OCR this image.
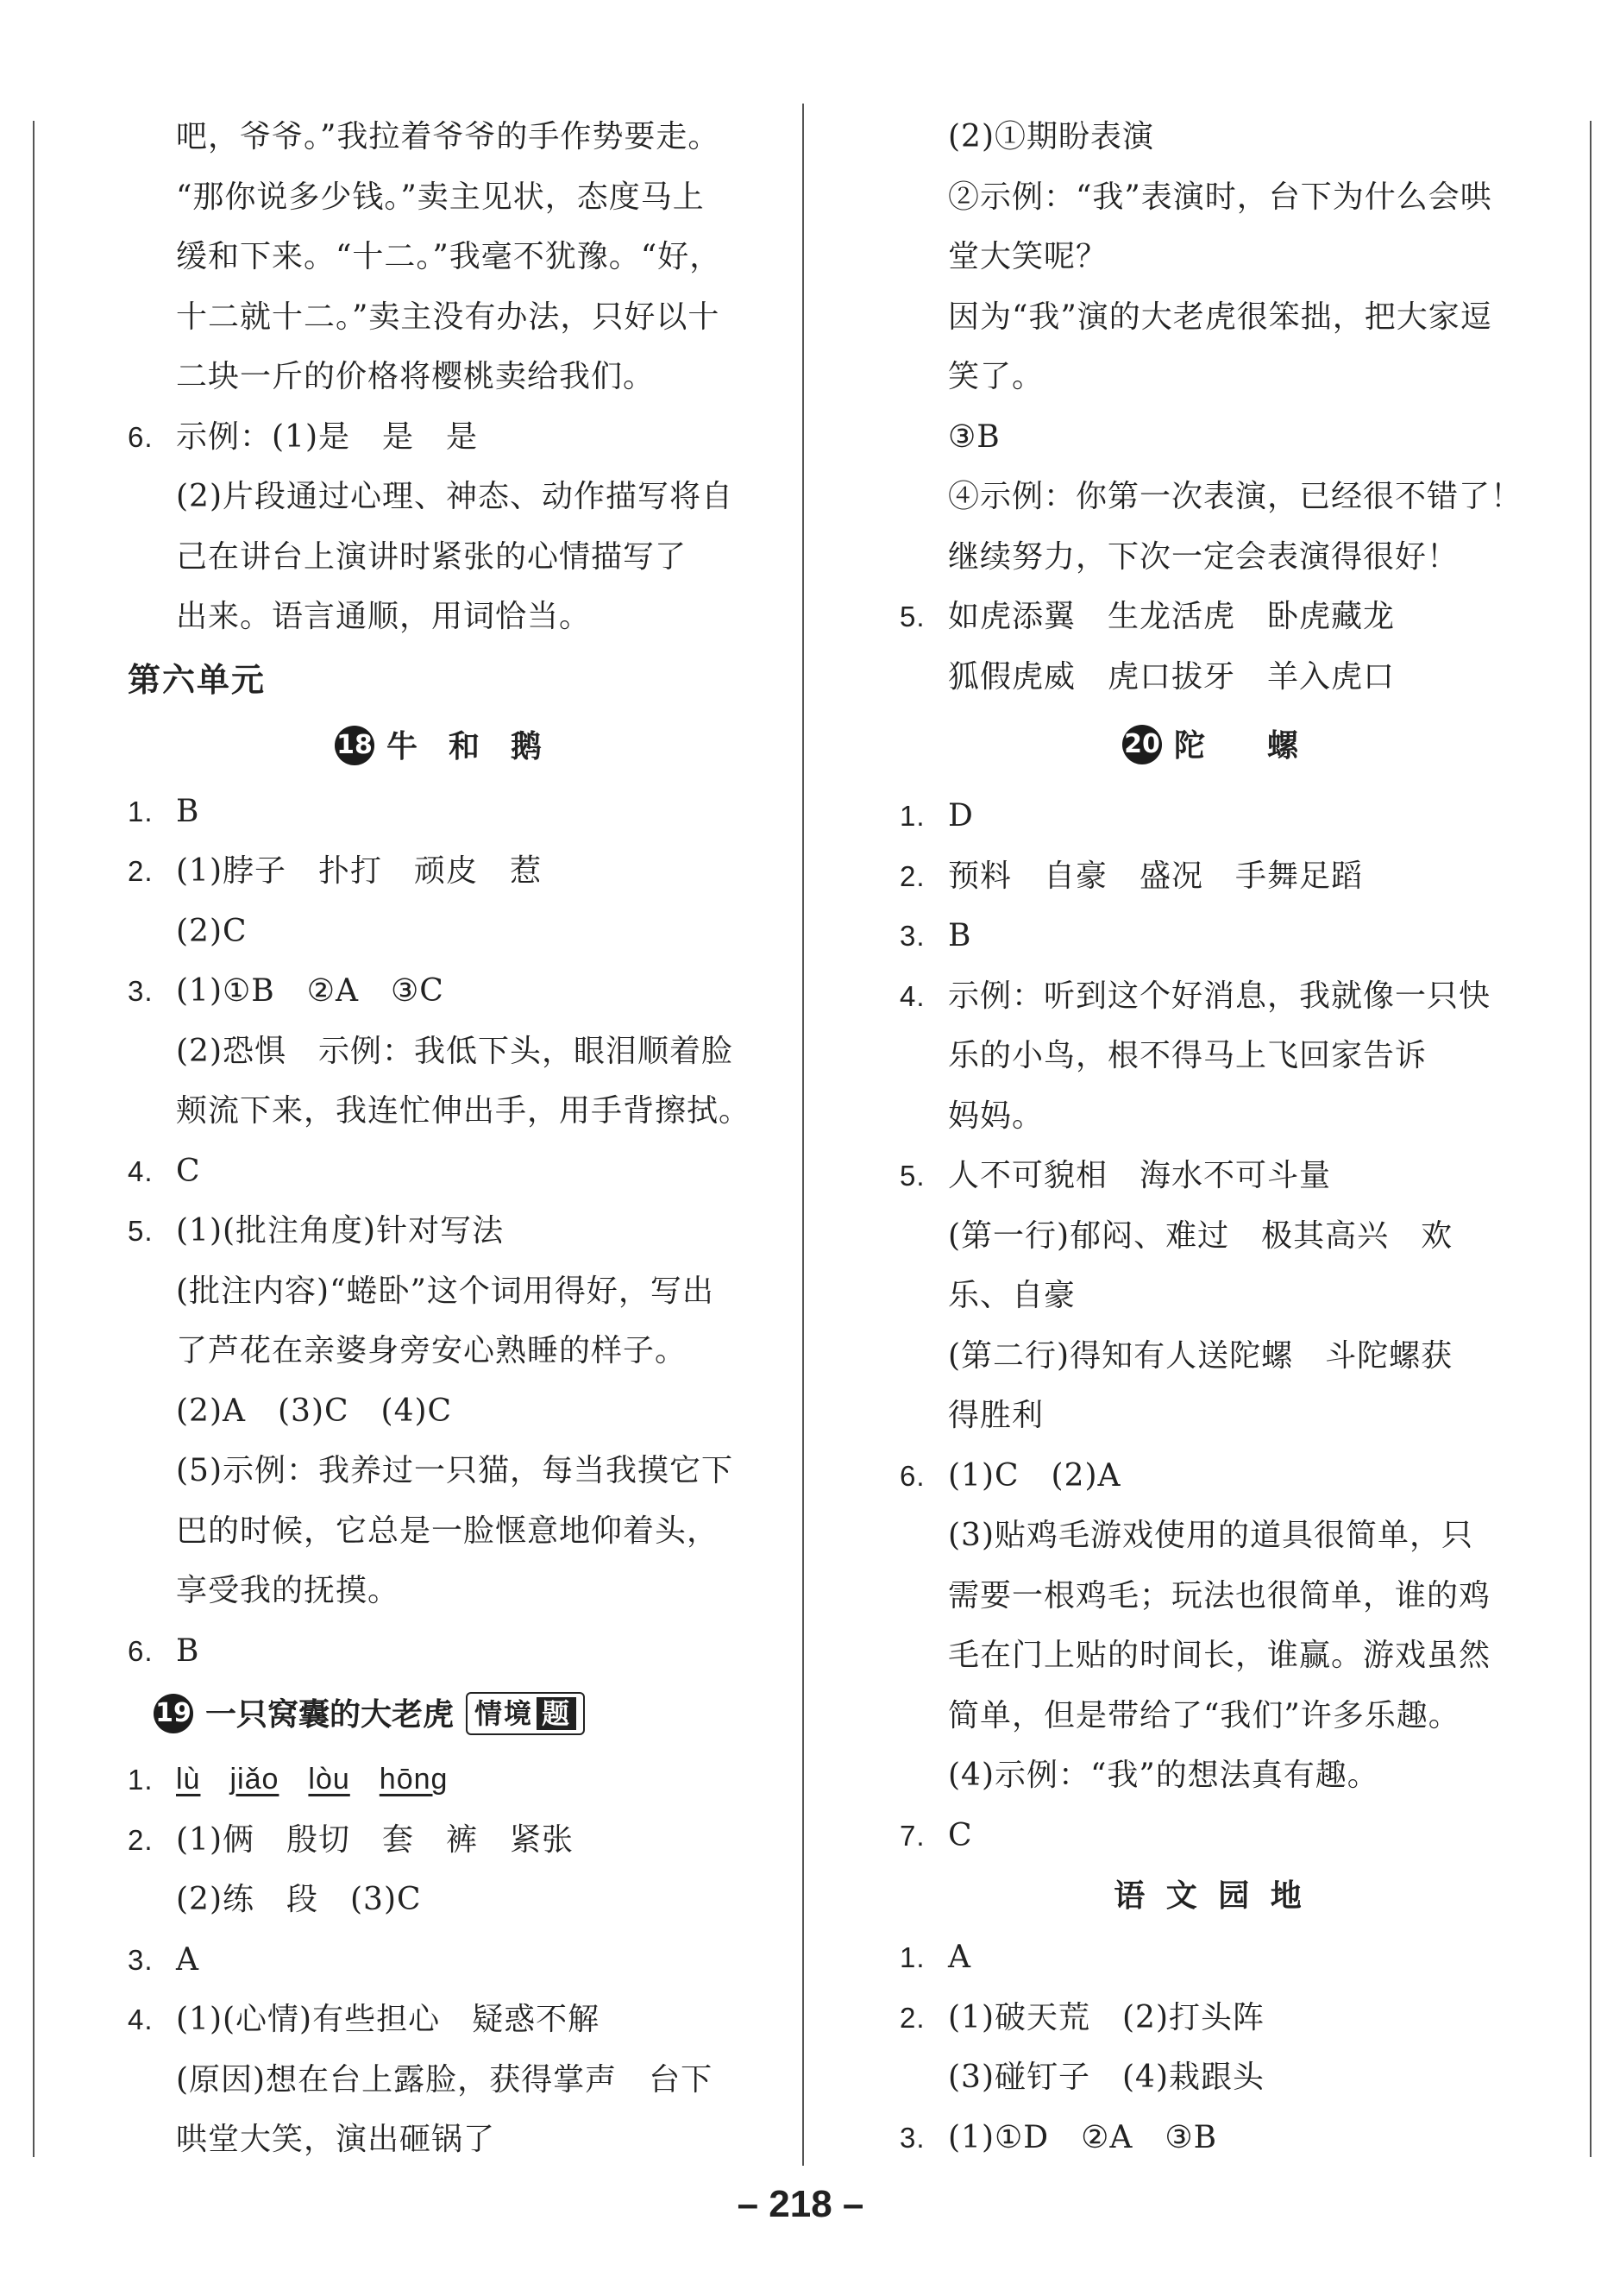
吧，爷爷。”我拉着爷爷的手作势要走。
“那你说多少钱。”卖主见状，态度马上
缓和下来。“十二。”我毫不犹豫。“好，
十二就十二。”卖主没有办法，只好以十
二块一斤的价格将樱桃卖给我们。
6. 示例：(1)是　是　是
(2)片段通过心理、神态、动作描写将自
己在讲台上演讲时紧张的心情描写了
出来。语言通顺，用词恰当。
第六单元
18 牛　和　鹅
1. B
2. (1)脖子　扑打　顽皮　惹
(2)C
3. (1)①B　②A　③C
(2)恐惧　示例：我低下头，眼泪顺着脸
颊流下来，我连忙伸出手，用手背擦拭。
4. C
5. (1)(批注角度)针对写法
(批注内容)“蜷卧”这个词用得好，写出
了芦花在亲婆身旁安心熟睡的样子。
(2)A　(3)C　(4)C
(5)示例：我养过一只猫，每当我摸它下
巴的时候，它总是一脸惬意地仰着头，
享受我的抚摸。
6. B
19 一只窝囊的大老虎 情境 题
1. lù jiǎo lòu hōng
2. (1)俩　殷切　套　裤　紧张
(2)练　段　(3)C
3. A
4. (1)(心情)有些担心　疑惑不解
(原因)想在台上露脸，获得掌声　台下
哄堂大笑，演出砸锅了
(2)①期盼表演
②示例：“我”表演时，台下为什么会哄
堂大笑呢？
因为“我”演的大老虎很笨拙，把大家逗
笑了。
③B
④示例：你第一次表演，已经很不错了！
继续努力，下次一定会表演得很好！
5. 如虎添翼　生龙活虎　卧虎藏龙
狐假虎威　虎口拔牙　羊入虎口
20 陀　　螺
1. D
2. 预料　自豪　盛况　手舞足蹈
3. B
4. 示例：听到这个好消息，我就像一只快
乐的小鸟，根不得马上飞回家告诉
妈妈。
5. 人不可貌相　海水不可斗量
(第一行)郁闷、难过　极其高兴　欢
乐、自豪
(第二行)得知有人送陀螺　斗陀螺获
得胜利
6. (1)C　(2)A
(3)贴鸡毛游戏使用的道具很简单，只
需要一根鸡毛；玩法也很简单，谁的鸡
毛在门上贴的时间长，谁赢。游戏虽然
简单，但是带给了“我们”许多乐趣。
(4)示例：“我”的想法真有趣。
7. C
语 文 园 地
1. A
2. (1)破天荒　(2)打头阵
(3)碰钉子　(4)栽跟头
3. (1)①D　②A　③B
– 218 –
